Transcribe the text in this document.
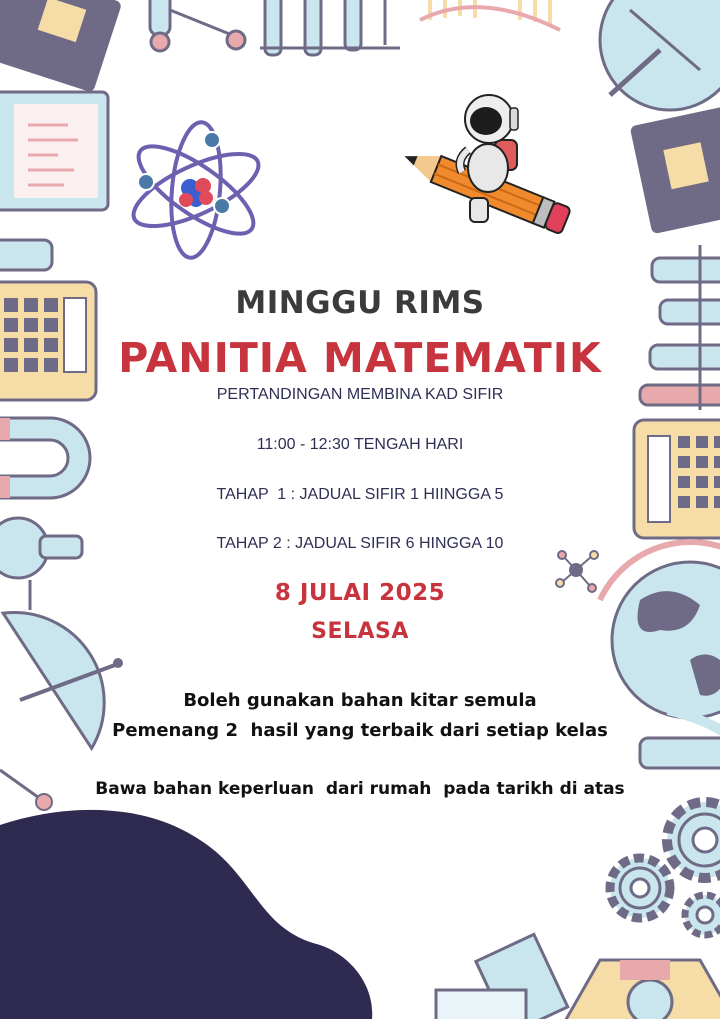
MINGGU RIMS
PANITIA MATEMATIK

PERTANDINGAN MEMBINA KAD SIFIR

11:00 - 12:30 TENGAH HARI

TAHAP  1 : JADUAL SIFIR 1 HIINGGA 5

TAHAP 2 : JADUAL SIFIR 6 HINGGA 10

8 JULAI 2025

SELASA

Boleh gunakan bahan kitar semula

Pemenang 2  hasil yang terbaik dari setiap kelas

Bawa bahan keperluan  dari rumah  pada tarikh di atas
